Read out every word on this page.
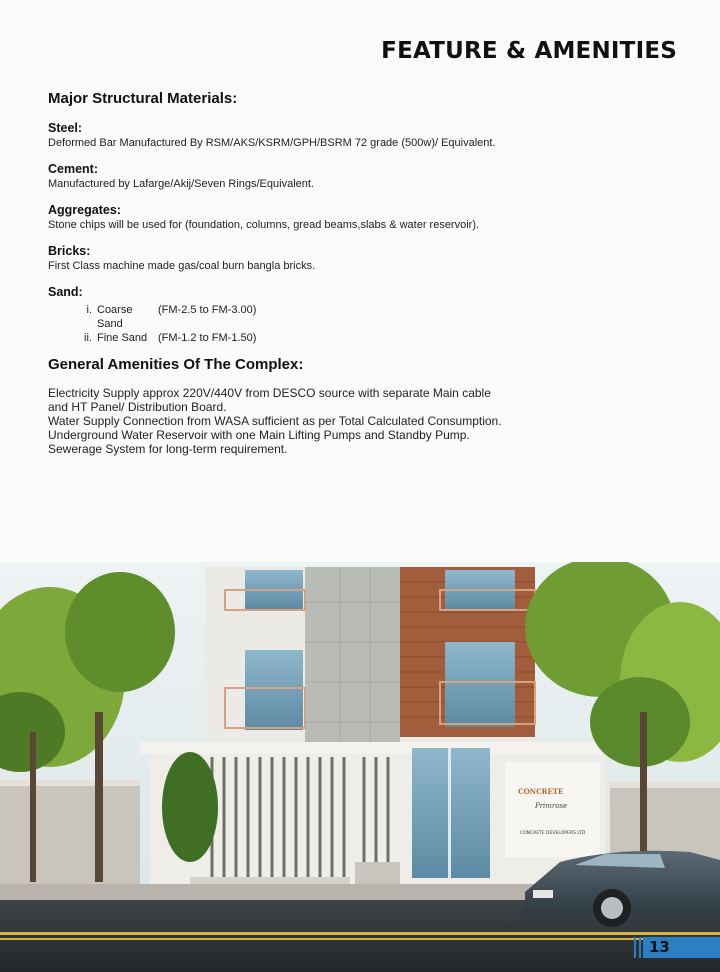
FEATURE & AMENITIES
Major Structural Materials:
Steel:
Deformed Bar Manufactured By RSM/AKS/KSRM/GPH/BSRM 72 grade (500w)/ Equivalent.
Cement:
Manufactured by Lafarge/Akij/Seven Rings/Equivalent.
Aggregates:
Stone chips will be used for (foundation, columns, gread beams,slabs & water reservoir).
Bricks:
First Class machine made gas/coal burn bangla bricks.
Sand:
i. Coarse Sand
(FM-2.5 to FM-3.00)
ii. Fine Sand (FM-1.2 to FM-1.50)
General Amenities Of The Complex:
Electricity Supply approx 220V/440V from DESCO source with separate Main cable
and HT Panel/ Distribution Board.
Water Supply Connection from WASA sufficient as per Total Calculated Consumption.
Underground Water Reservoir with one Main Lifting Pumps and Standby Pump.
Sewerage System for long-term requirement.
CONCRETE
Primrose
CONCRETE DEVELOPERS LTD.
13
